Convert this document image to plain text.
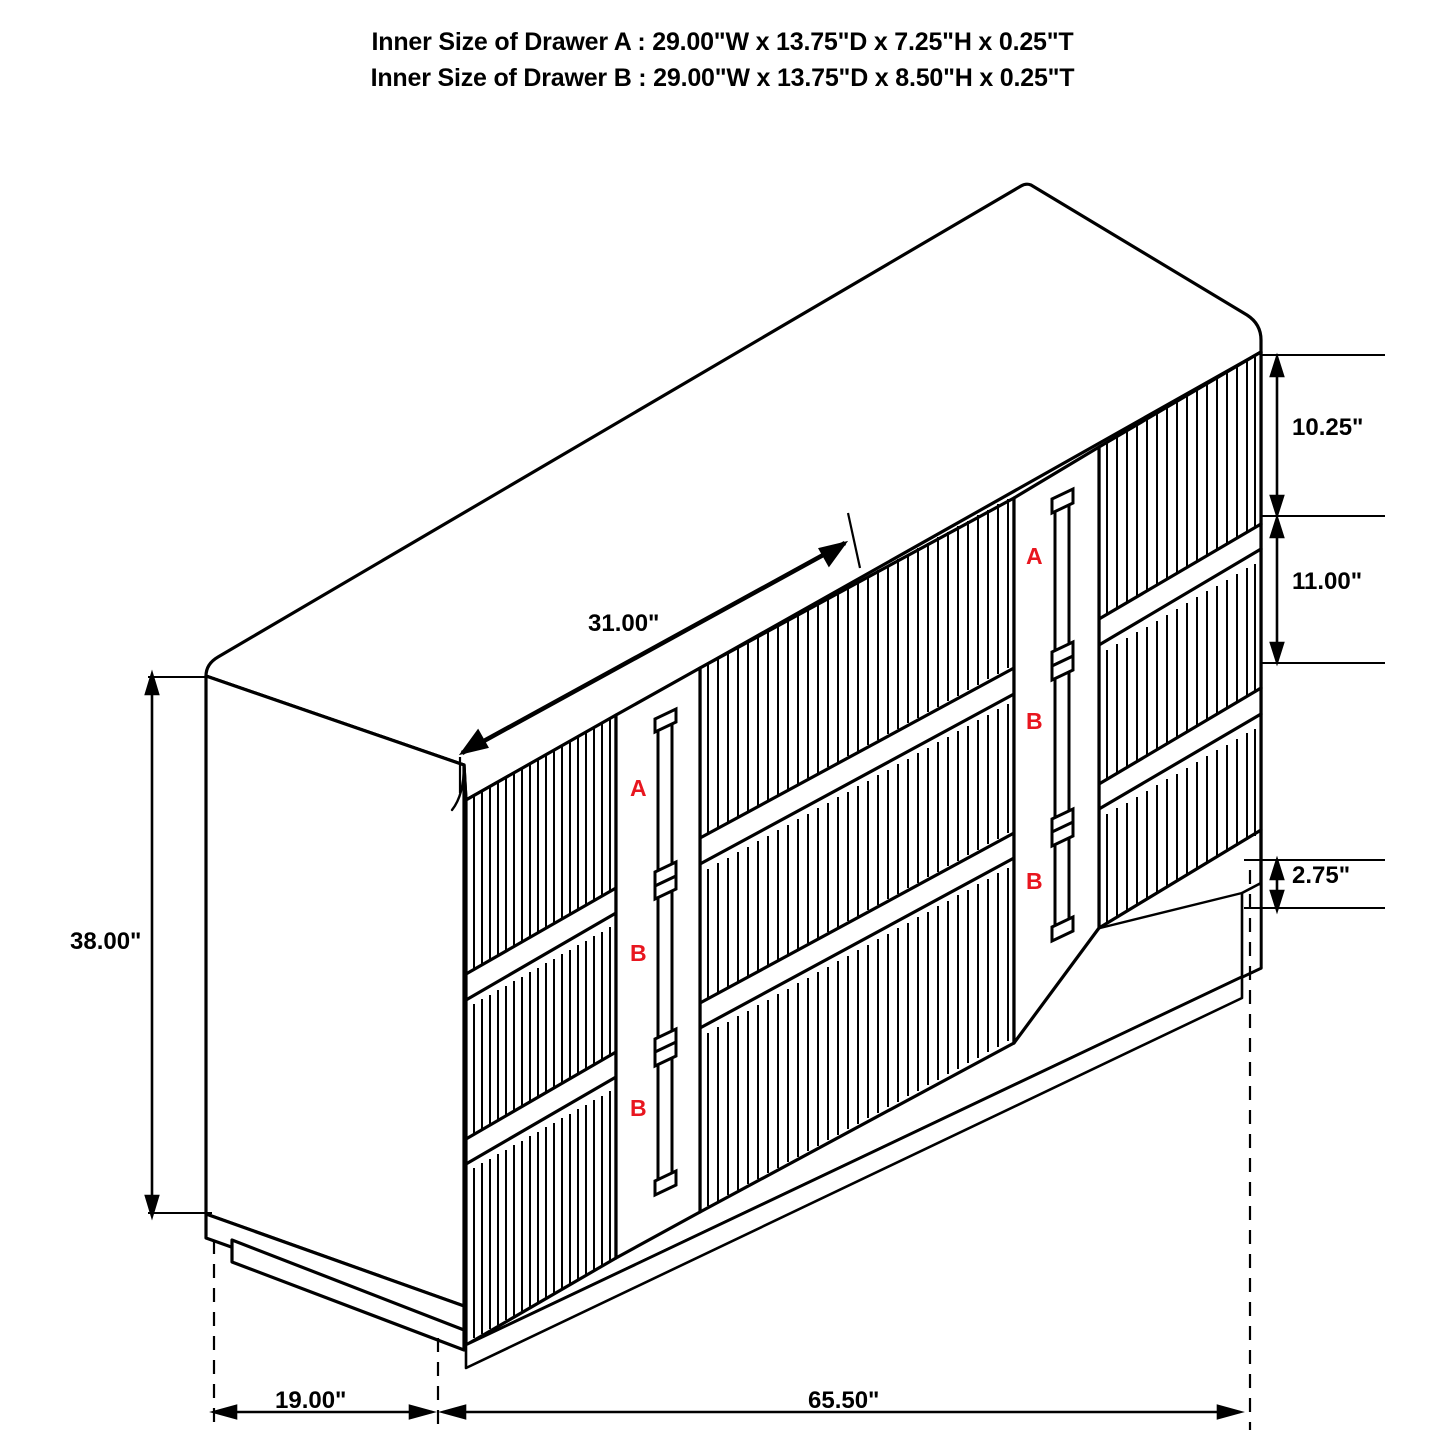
Inner Size of Drawer A : 29.00"W x 13.75"D x 7.25"H x 0.25"T
Inner Size of Drawer B : 29.00"W x 13.75"D x 8.50"H x 0.25"T
31.00"
38.00"
10.25"
11.00"
2.75"
19.00"	65.50"
A
B
B
A
B
B
